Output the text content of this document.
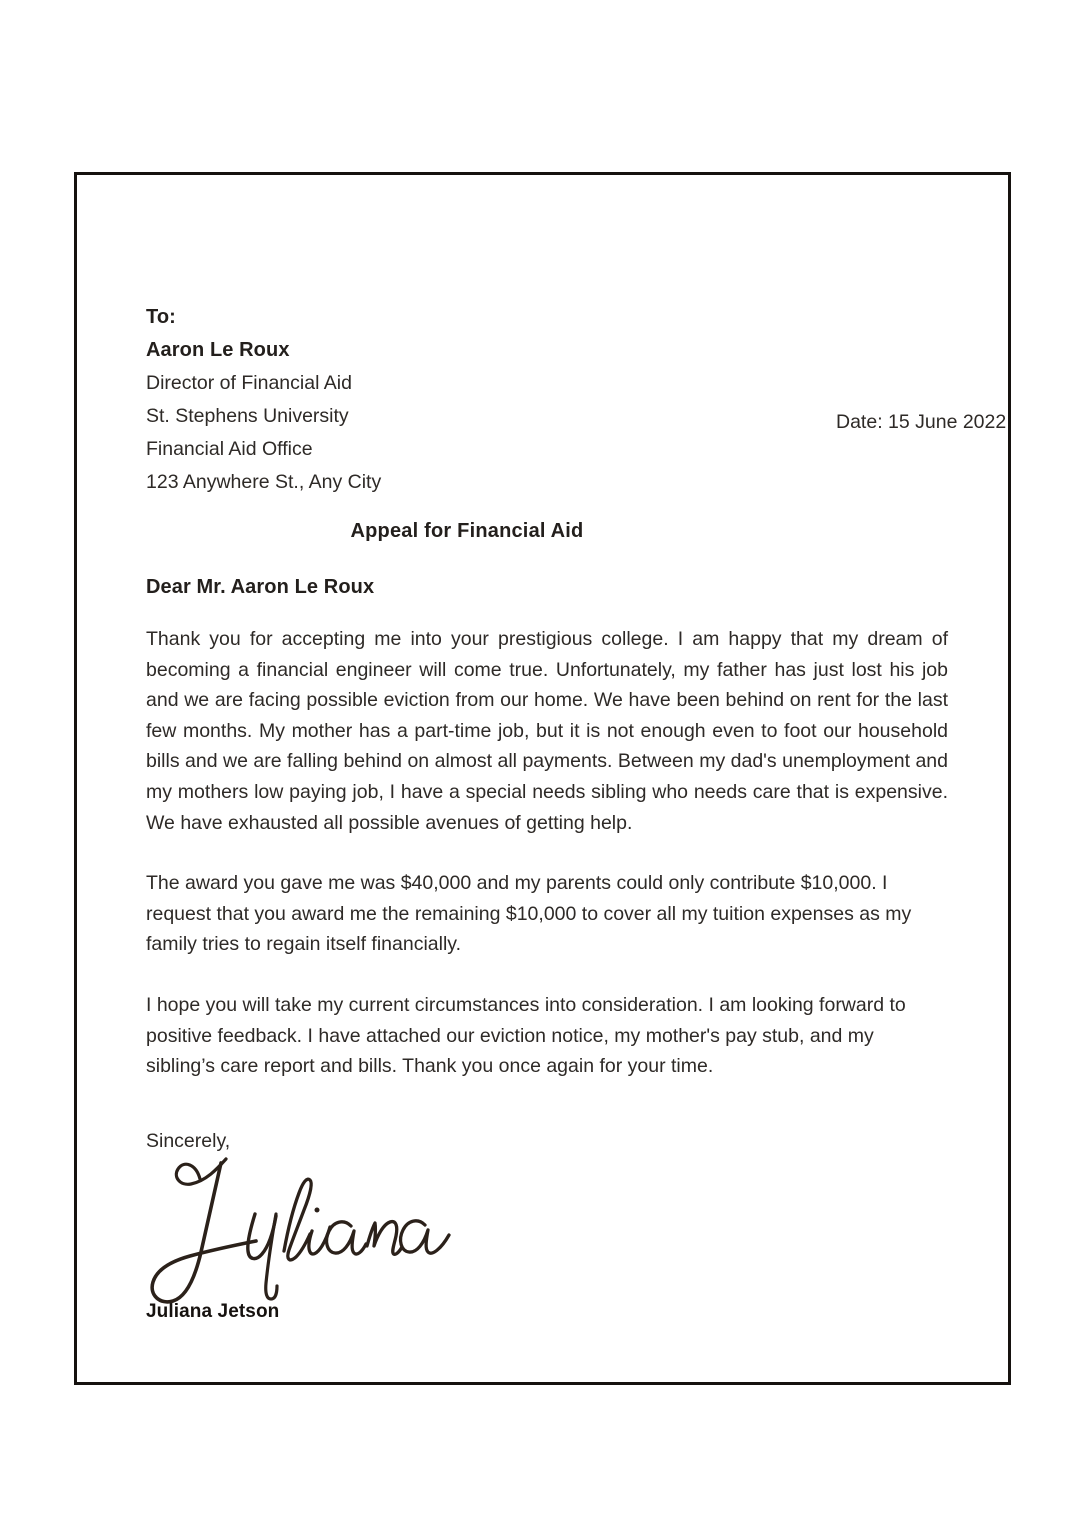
To:

Aaron Le Roux

Director of Financial Aid

St. Stephens University

Financial Aid Office

123 Anywhere St., Any City

Date: 15 June 2022
Appeal for Financial Aid

Dear Mr. Aaron Le Roux

Thank you for accepting me into your prestigious college. I am happy that my dream of becoming a financial engineer will come true. Unfortunately, my father has just lost his job and we are facing possible eviction from our home. We have been behind on rent for the last few months. My mother has a part-time job, but it is not enough even to foot our household bills and we are falling behind on almost all payments. Between my dad's unemployment and my mothers low paying job, I have a special needs sibling who needs care that is expensive. We have exhausted all possible avenues of getting help.

The award you gave me was $40,000 and my parents could only contribute $10,000. I request that you award me the remaining $10,000 to cover all my tuition expenses as my family tries to regain itself financially.

I hope you will take my current circumstances into consideration. I am looking forward to positive feedback. I have attached our eviction notice, my mother's pay stub, and my sibling’s care report and bills. Thank you once again for your time.

Sincerely,

Juliana Jetson
